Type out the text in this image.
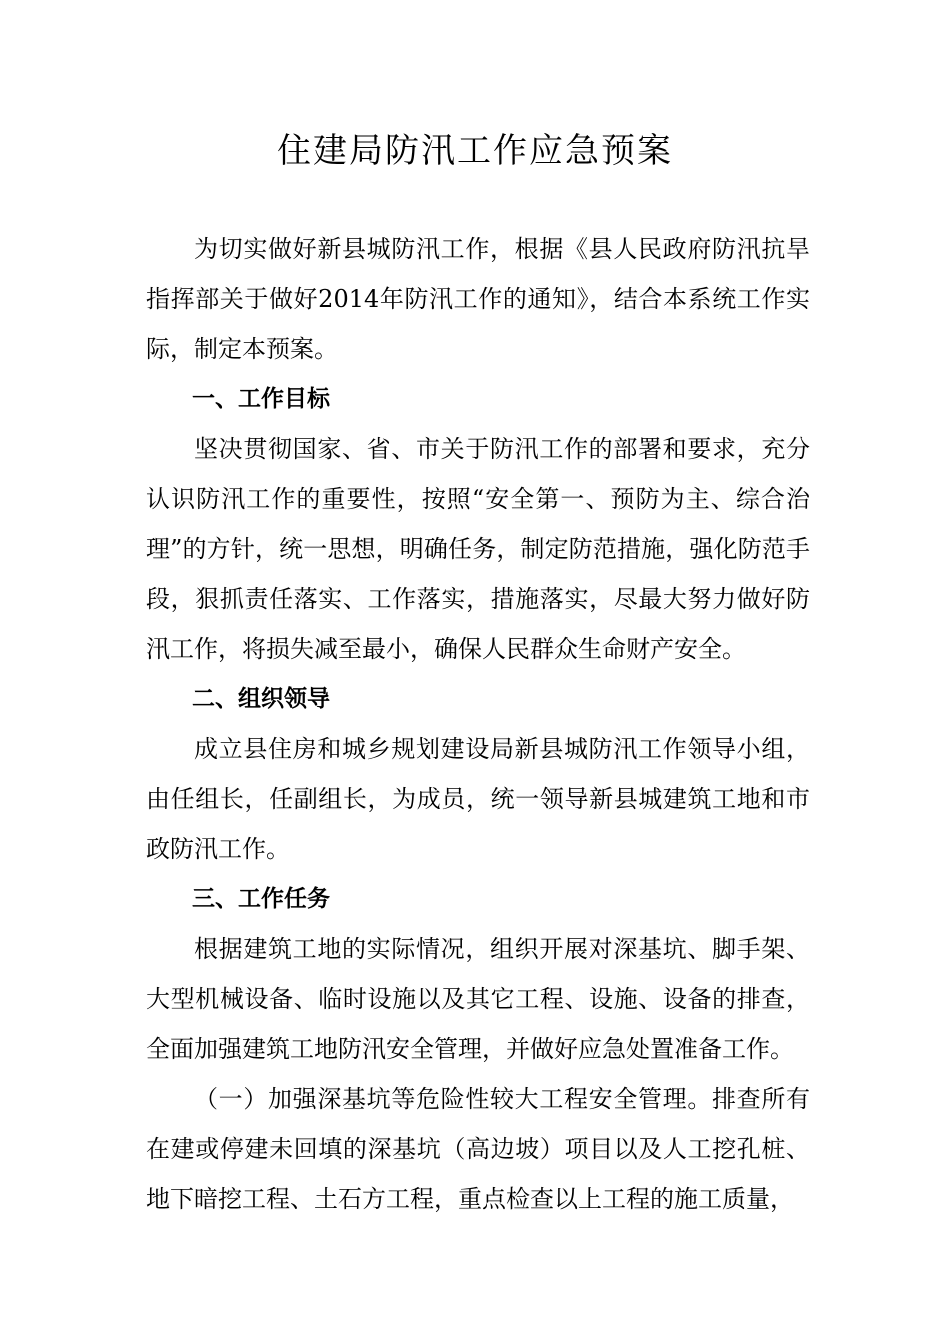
住建局防汛工作应急预案

为切实做好新县城防汛工作，根据《县人民政府防汛抗旱指挥部关于做好2014年防汛工作的通知》，结合本系统工作实际，制定本预案。

一、工作目标

坚决贯彻国家、省、市关于防汛工作的部署和要求，充分认识防汛工作的重要性，按照“安全第一、预防为主、综合治理”的方针，统一思想，明确任务，制定防范措施，强化防范手段，狠抓责任落实、工作落实，措施落实，尽最大努力做好防汛工作，将损失减至最小，确保人民群众生命财产安全。

二、组织领导

成立县住房和城乡规划建设局新县城防汛工作领导小组，由任组长，任副组长，为成员，统一领导新县城建筑工地和市政防汛工作。

三、工作任务

根据建筑工地的实际情况，组织开展对深基坑、脚手架、大型机械设备、临时设施以及其它工程、设施、设备的排查，全面加强建筑工地防汛安全管理，并做好应急处置准备工作。

（一）加强深基坑等危险性较大工程安全管理。排查所有在建或停建未回填的深基坑（高边坡）项目以及人工挖孔桩、地下暗挖工程、土石方工程，重点检查以上工程的施工质量，
